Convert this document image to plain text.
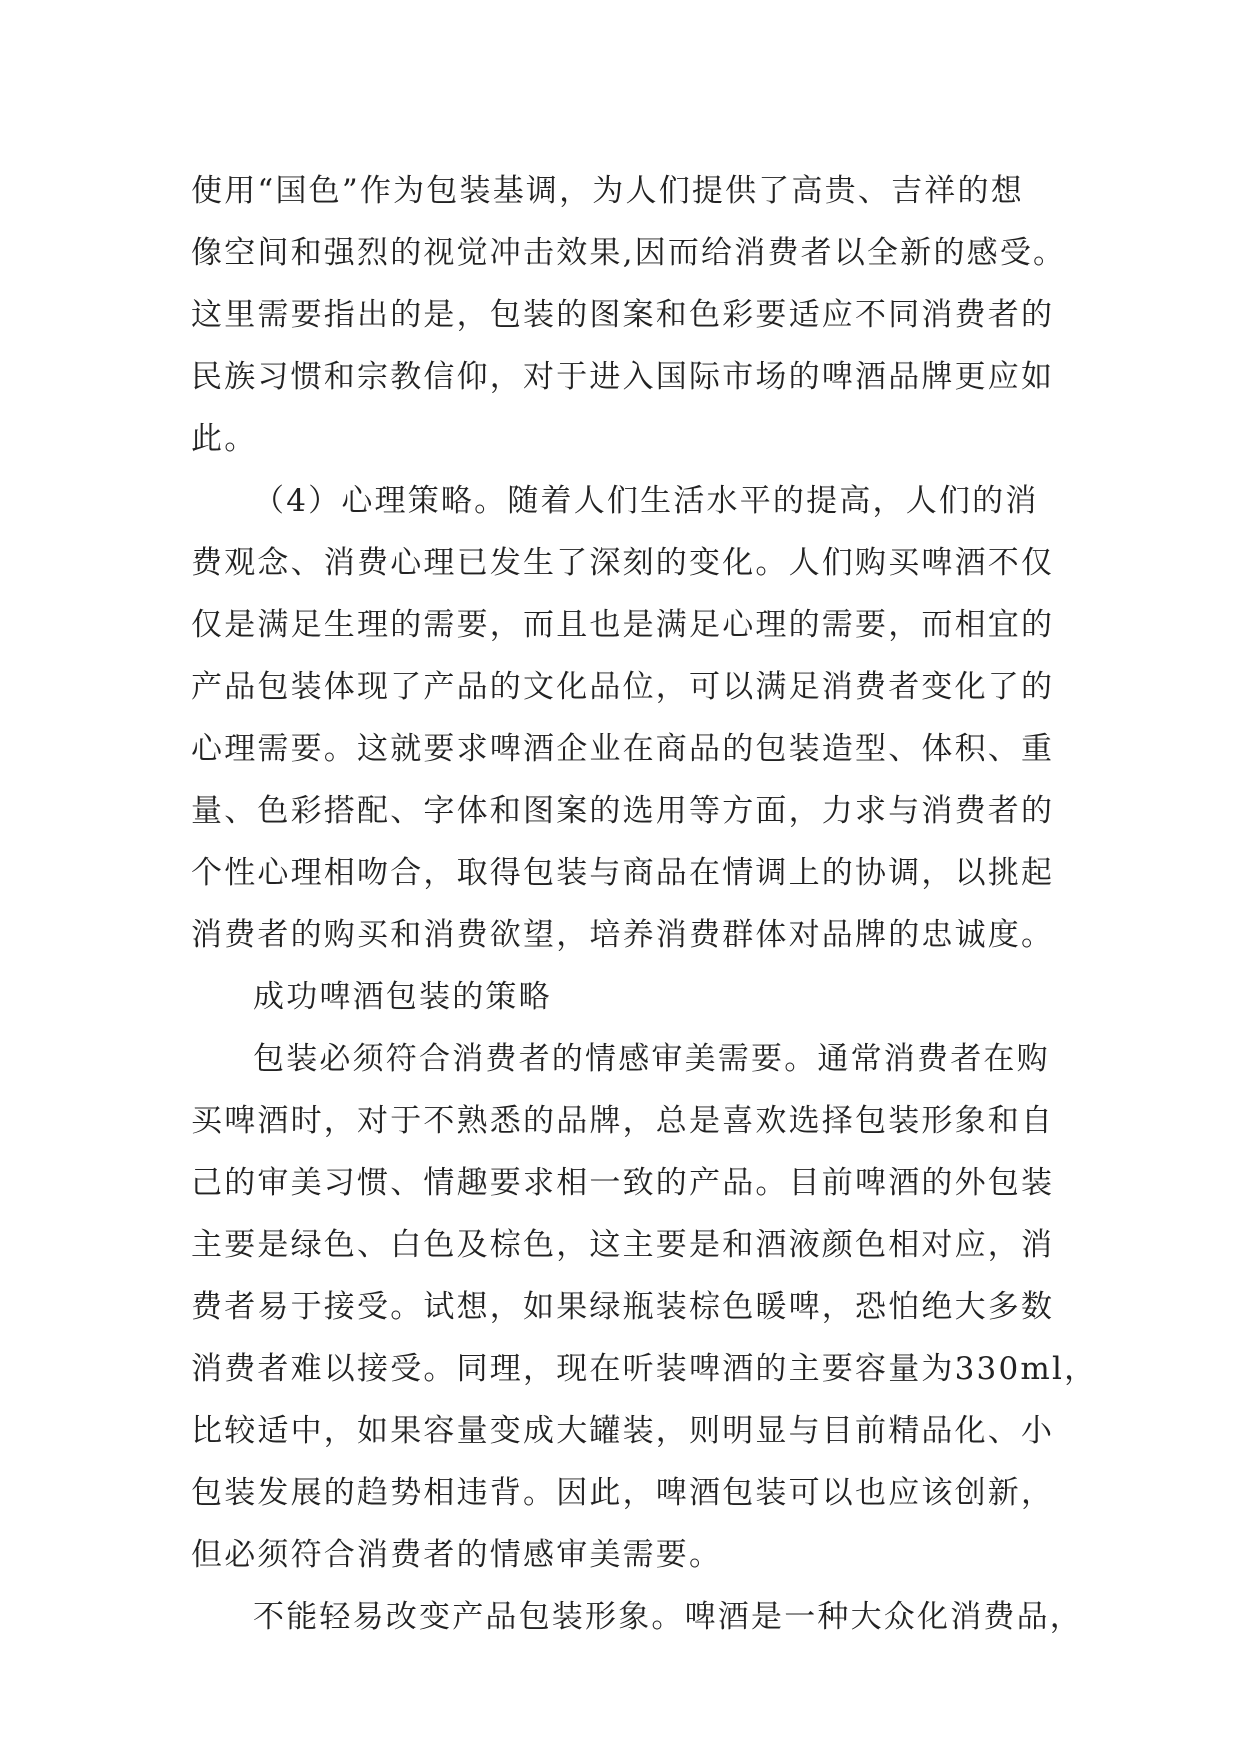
使用“国色”作为包装基调，为人们提供了高贵、吉祥的想
像空间和强烈的视觉冲击效果,因而给消费者以全新的感受。
这里需要指出的是，包装的图案和色彩要适应不同消费者的
民族习惯和宗教信仰，对于进入国际市场的啤酒品牌更应如
此。
（4）心理策略。随着人们生活水平的提高，人们的消
费观念、消费心理已发生了深刻的变化。人们购买啤酒不仅
仅是满足生理的需要，而且也是满足心理的需要，而相宜的
产品包装体现了产品的文化品位，可以满足消费者变化了的
心理需要。这就要求啤酒企业在商品的包装造型、体积、重
量、色彩搭配、字体和图案的选用等方面，力求与消费者的
个性心理相吻合，取得包装与商品在情调上的协调，以挑起
消费者的购买和消费欲望，培养消费群体对品牌的忠诚度。
成功啤酒包装的策略
包装必须符合消费者的情感审美需要。通常消费者在购
买啤酒时，对于不熟悉的品牌，总是喜欢选择包装形象和自
己的审美习惯、情趣要求相一致的产品。目前啤酒的外包装
主要是绿色、白色及棕色，这主要是和酒液颜色相对应，消
费者易于接受。试想，如果绿瓶装棕色暖啤，恐怕绝大多数
消费者难以接受。同理，现在听装啤酒的主要容量为330ml，
比较适中，如果容量变成大罐装，则明显与目前精品化、小
包装发展的趋势相违背。因此，啤酒包装可以也应该创新，
但必须符合消费者的情感审美需要。
不能轻易改变产品包装形象。啤酒是一种大众化消费品，
